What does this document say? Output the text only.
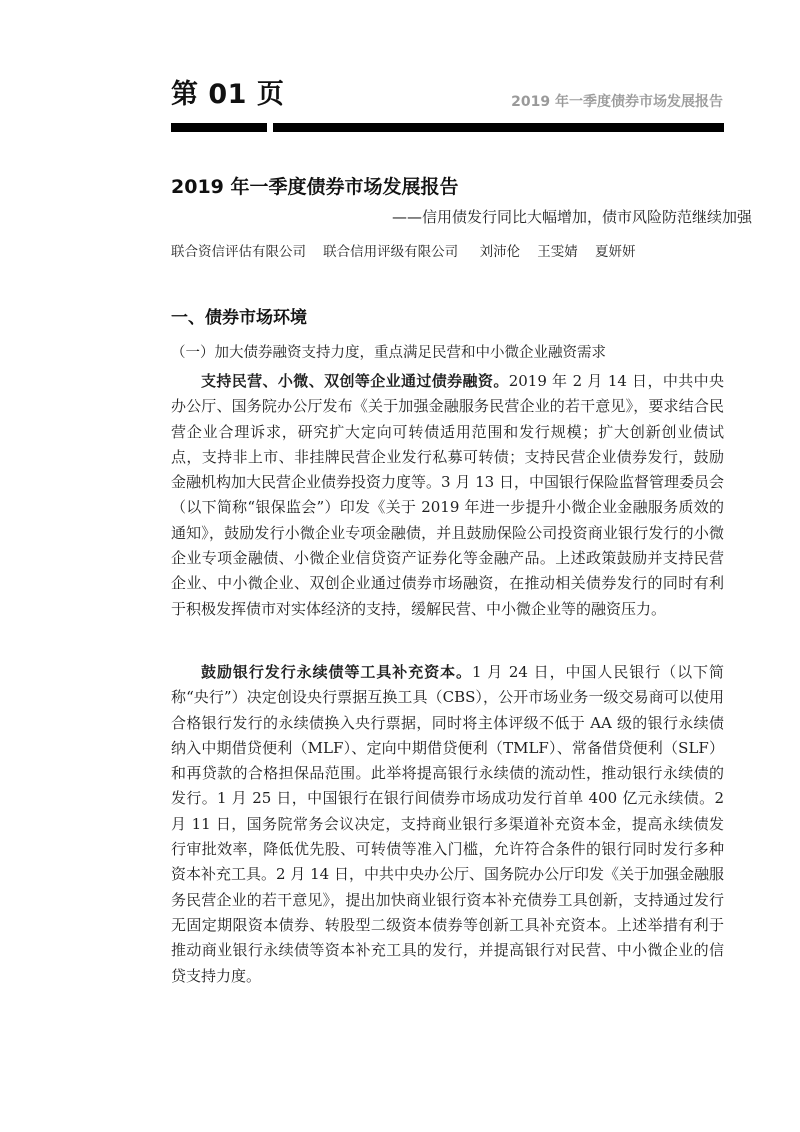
第 01 页	2019 年一季度债券市场发展报告
2019 年一季度债券市场发展报告
——信用债发行同比大幅增加，债市风险防范继续加强
联合资信评估有限公司    联合信用评级有限公司     刘沛伦    王雯婧    夏妍妍
一、债券市场环境
（一）加大债券融资支持力度，重点满足民营和中小微企业融资需求

支持民营、小微、双创等企业通过债券融资。2019 年 2 月 14 日，中共中央办公厅、国务院办公厅发布《关于加强金融服务民营企业的若干意见》，要求结合民营企业合理诉求，研究扩大定向可转债适用范围和发行规模；扩大创新创业债试点，支持非上市、非挂牌民营企业发行私募可转债；支持民营企业债券发行，鼓励金融机构加大民营企业债券投资力度等。3 月 13 日，中国银行保险监督管理委员会（以下简称“银保监会”）印发《关于 2019 年进一步提升小微企业金融服务质效的通知》，鼓励发行小微企业专项金融债，并且鼓励保险公司投资商业银行发行的小微企业专项金融债、小微企业信贷资产证券化等金融产品。上述政策鼓励并支持民营企业、中小微企业、双创企业通过债券市场融资，在推动相关债券发行的同时有利于积极发挥债市对实体经济的支持，缓解民营、中小微企业等的融资压力。

鼓励银行发行永续债等工具补充资本。1 月 24 日，中国人民银行（以下简称“央行”）决定创设央行票据互换工具（CBS），公开市场业务一级交易商可以使用合格银行发行的永续债换入央行票据，同时将主体评级不低于 AA 级的银行永续债纳入中期借贷便利（MLF）、定向中期借贷便利（TMLF）、常备借贷便利（SLF）和再贷款的合格担保品范围。此举将提高银行永续债的流动性，推动银行永续债的发行。1 月 25 日，中国银行在银行间债券市场成功发行首单 400 亿元永续债。2 月 11 日，国务院常务会议决定，支持商业银行多渠道补充资本金，提高永续债发行审批效率，降低优先股、可转债等准入门槛，允许符合条件的银行同时发行多种资本补充工具。2 月 14 日，中共中央办公厅、国务院办公厅印发《关于加强金融服务民营企业的若干意见》，提出加快商业银行资本补充债券工具创新，支持通过发行无固定期限资本债券、转股型二级资本债券等创新工具补充资本。上述举措有利于推动商业银行永续债等资本补充工具的发行，并提高银行对民营、中小微企业的信贷支持力度。
